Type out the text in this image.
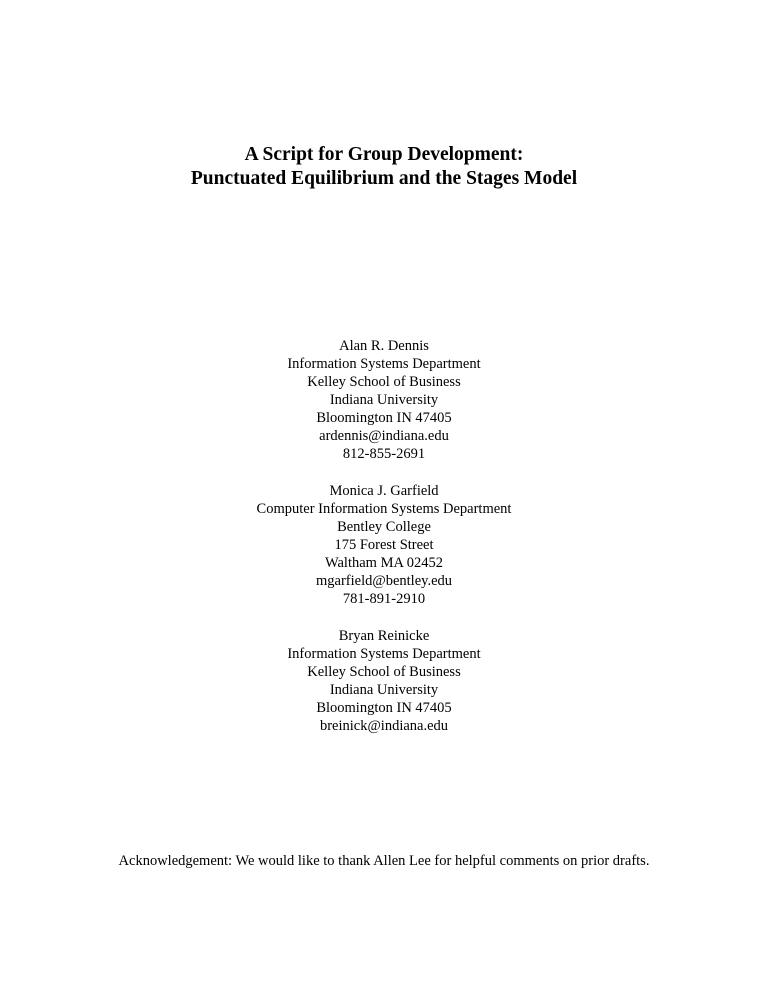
A Script for Group Development:
Punctuated Equilibrium and the Stages Model
Alan R. Dennis
Information Systems Department
Kelley School of Business
Indiana University
Bloomington IN 47405
ardennis@indiana.edu
812-855-2691
Monica J. Garfield
Computer Information Systems Department
Bentley College
175 Forest Street
Waltham MA 02452
mgarfield@bentley.edu
781-891-2910
Bryan Reinicke
Information Systems Department
Kelley School of Business
Indiana University
Bloomington IN 47405
breinick@indiana.edu
Acknowledgement: We would like to thank Allen Lee for helpful comments on prior drafts.
